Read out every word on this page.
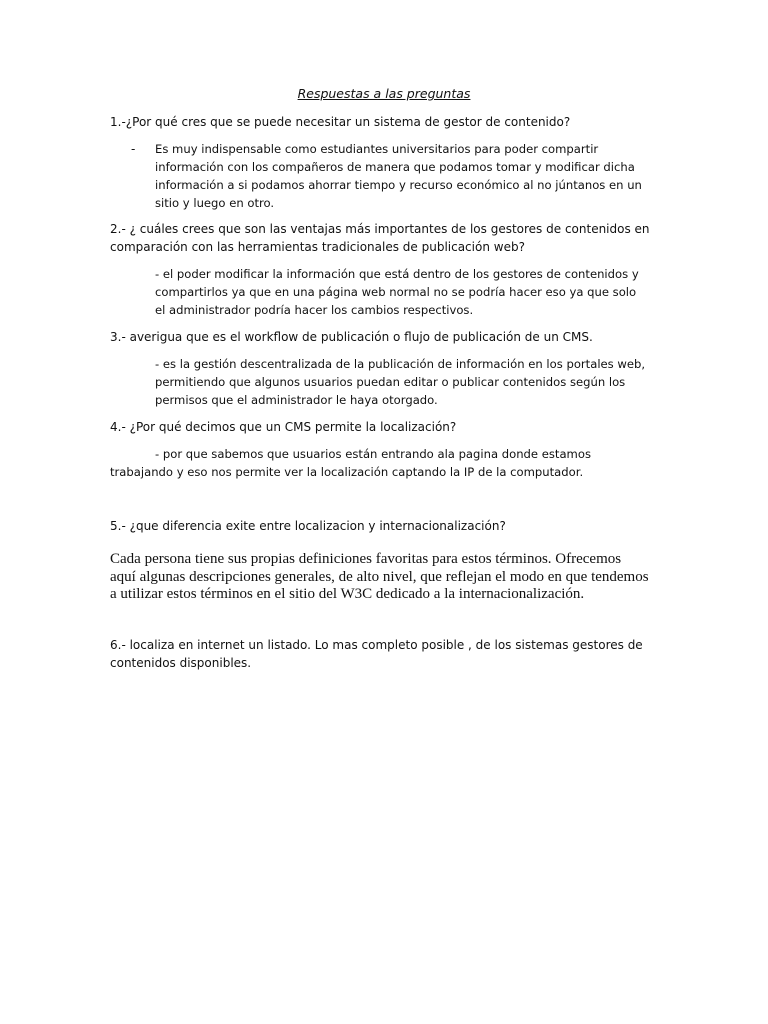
Respuestas a las preguntas
1.-¿Por qué cres que se puede necesitar un sistema de gestor de contenido?
- Es muy indispensable como estudiantes universitarios para poder compartir información con los compañeros de manera que podamos tomar y modificar dicha información a si podamos ahorrar tiempo y recurso económico al no júntanos en un sitio y luego en otro.
2.- ¿ cuáles crees que son las ventajas más importantes de los gestores de contenidos en comparación con las herramientas tradicionales de publicación web?
- el poder modificar la información que está dentro de los gestores de contenidos y compartirlos ya que en una página web normal no se podría hacer eso ya que solo el administrador podría hacer los cambios respectivos.
3.- averigua que es el workflow de publicación o flujo de publicación de un CMS.
- es la gestión descentralizada de la publicación de información en los portales web, permitiendo que algunos usuarios puedan editar o publicar contenidos según los permisos que el administrador le haya otorgado.
4.- ¿Por qué decimos que un CMS permite la localización?
- por que sabemos que usuarios están entrando ala pagina donde estamos trabajando y eso nos permite ver la localización captando la IP de la computador.
5.- ¿que diferencia exite entre localizacion y internacionalización?
Cada persona tiene sus propias definiciones favoritas para estos términos. Ofrecemos aquí algunas descripciones generales, de alto nivel, que reflejan el modo en que tendemos a utilizar estos términos en el sitio del W3C dedicado a la internacionalización.
6.- localiza en internet un listado. Lo mas completo posible , de los sistemas gestores de contenidos disponibles.
